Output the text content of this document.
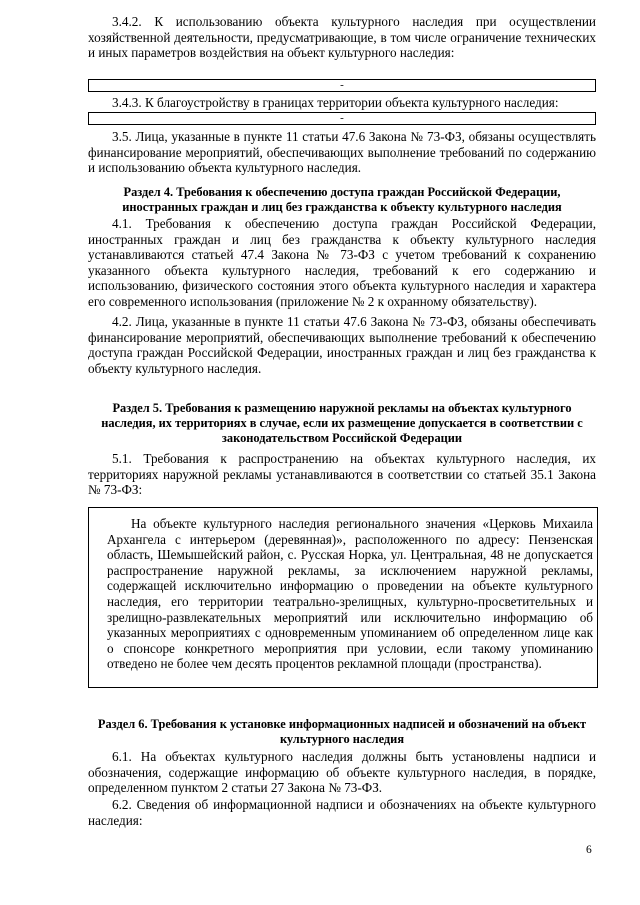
3.4.2. К использованию объекта культурного наследия при осуществлении хозяйственной деятельности, предусматривающие, в том числе ограничение технических и иных параметров воздействия на объект культурного наследия:

-

3.4.3. К благоустройству в границах территории объекта культурного наследия:

-

3.5. Лица, указанные в пункте 11 статьи 47.6 Закона № 73-ФЗ, обязаны осуществлять финансирование мероприятий, обеспечивающих выполнение требований по содержанию и использованию объекта культурного наследия.

Раздел 4. Требования к обеспечению доступа граждан Российской Федерации, иностранных граждан и лиц без гражданства к объекту культурного наследия

4.1. Требования к обеспечению доступа граждан Российской Федерации, иностранных граждан и лиц без гражданства к объекту культурного наследия устанавливаются статьей 47.4 Закона № 73-ФЗ с учетом требований к сохранению указанного объекта культурного наследия, требований к его содержанию и использованию, физического состояния этого объекта культурного наследия и характера его современного использования (приложение № 2 к охранному обязательству).

4.2. Лица, указанные в пункте 11 статьи 47.6 Закона № 73-ФЗ, обязаны обеспечивать финансирование мероприятий, обеспечивающих выполнение требований к обеспечению доступа граждан Российской Федерации, иностранных граждан и лиц без гражданства к объекту культурного наследия.

Раздел 5. Требования к размещению наружной рекламы на объектах культурного наследия, их территориях в случае, если их размещение допускается в соответствии с законодательством Российской Федерации

5.1. Требования к распространению на объектах культурного наследия, их территориях наружной рекламы устанавливаются в соответствии со статьей 35.1 Закона № 73-ФЗ:

На объекте культурного наследия регионального значения «Церковь Михаила Архангела с интерьером (деревянная)», расположенного по адресу: Пензенская область, Шемышейский район, с. Русская Норка, ул. Центральная, 48 не допускается распространение наружной рекламы, за исключением наружной рекламы, содержащей исключительно информацию о проведении на объекте культурного наследия, его территории театрально-зрелищных, культурно-просветительных и зрелищно-развлекательных мероприятий или исключительно информацию об указанных мероприятиях с одновременным упоминанием об определенном лице как о спонсоре конкретного мероприятия при условии, если такому упоминанию отведено не более чем десять процентов рекламной площади (пространства).

Раздел 6. Требования к установке информационных надписей и обозначений на объект культурного наследия

6.1. На объектах культурного наследия должны быть установлены надписи и обозначения, содержащие информацию об объекте культурного наследия, в порядке, определенном пунктом 2 статьи 27 Закона № 73-ФЗ.

6.2. Сведения об информационной надписи и обозначениях на объекте культурного наследия:

6
